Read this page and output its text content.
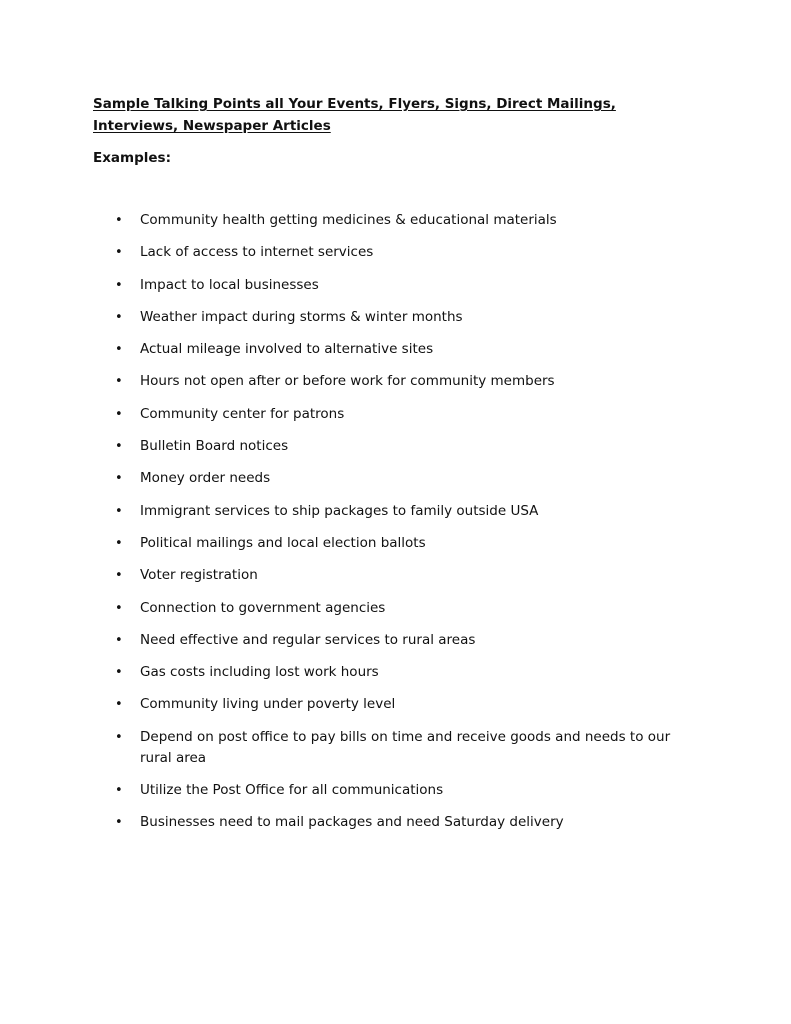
Sample Talking Points all Your Events, Flyers, Signs, Direct Mailings, Interviews, Newspaper Articles

Examples:

• Community health getting medicines & educational materials
• Lack of access to internet services
• Impact to local businesses
• Weather impact during storms & winter months
• Actual mileage involved to alternative sites
• Hours not open after or before work for community members
• Community center for patrons
• Bulletin Board notices
• Money order needs
• Immigrant services to ship packages to family outside USA
• Political mailings and local election ballots
• Voter registration
• Connection to government agencies
• Need effective and regular services to rural areas
• Gas costs including lost work hours
• Community living under poverty level
• Depend on post office to pay bills on time and receive goods and needs to our rural area
• Utilize the Post Office for all communications
• Businesses need to mail packages and need Saturday delivery
